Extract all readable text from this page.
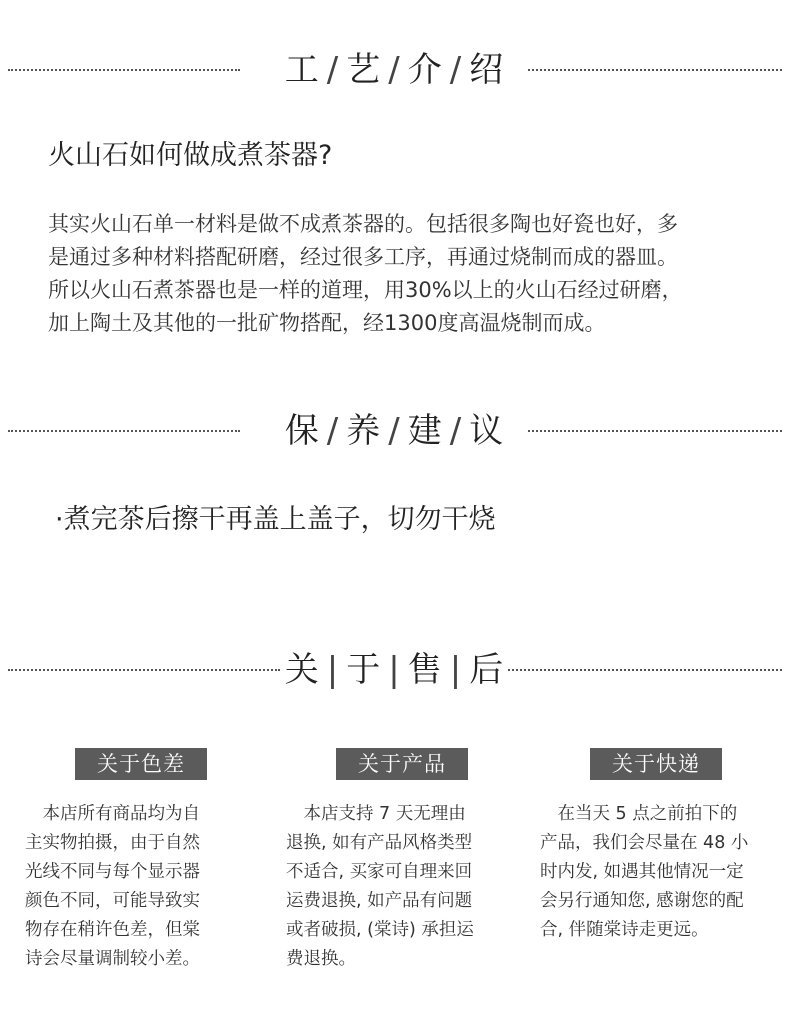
工 / 艺 / 介 / 绍
火山石如何做成煮茶器?

其实火山石单一材料是做不成煮茶器的。包括很多陶也好瓷也好，多

是通过多种材料搭配研磨，经过很多工序，再通过烧制而成的器皿。

所以火山石煮茶器也是一样的道理，用30%以上的火山石经过研磨，

加上陶土及其他的一批矿物搭配，经1300度高温烧制而成。

保 / 养 / 建 / 议
·煮完茶后擦干再盖上盖子，切勿干烧
关 | 于 | 售 | 后
关于色差

　本店所有商品均为自

主实物拍摄，由于自然

光线不同与每个显示器

颜色不同，可能导致实

物存在稍许色差，但棠

诗会尽量调制较小差。

关于产品

　本店支持 7 天无理由

退换, 如有产品风格类型

不适合, 买家可自理来回

运费退换, 如产品有问题

或者破损, (棠诗) 承担运

费退换。

关于快递

　在当天 5 点之前拍下的

产品，我们会尽量在 48 小

时内发, 如遇其他情况一定

会另行通知您, 感谢您的配

合, 伴随棠诗走更远。
